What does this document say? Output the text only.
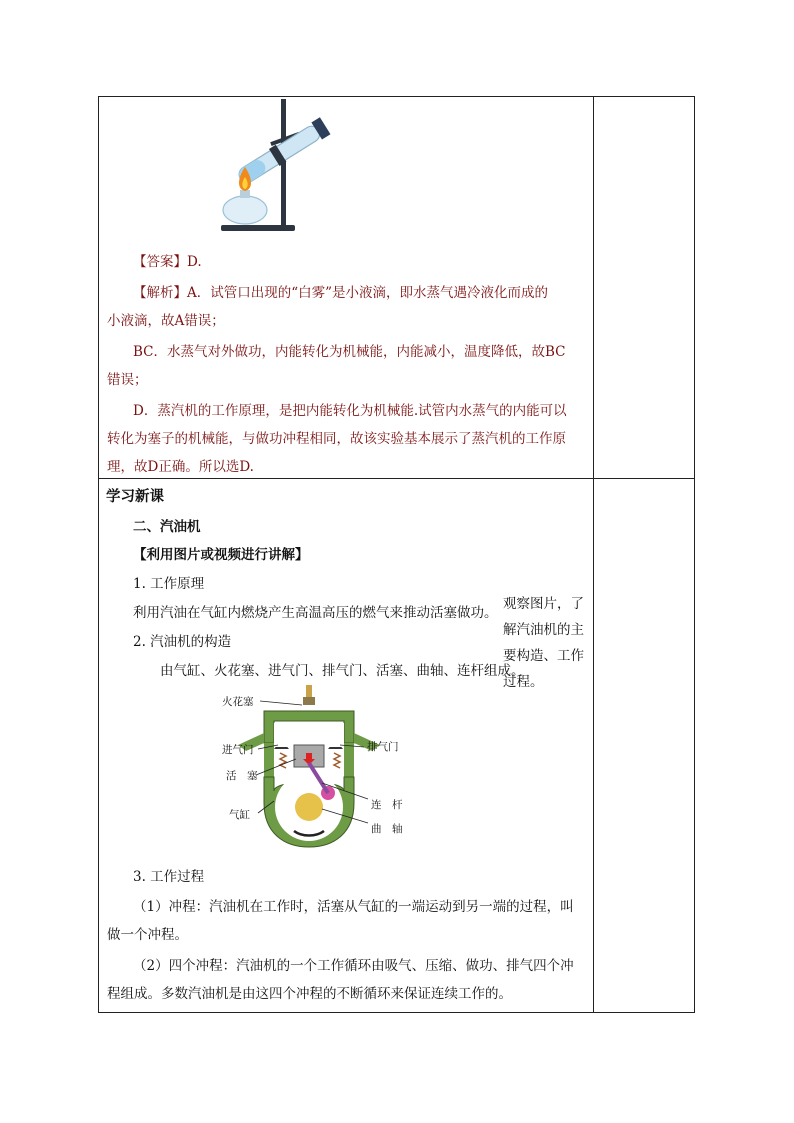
【答案】D.
【解析】A．试管口出现的“白雾”是小液滴，即水蒸气遇冷液化而成的
小液滴，故A错误；
BC．水蒸气对外做功，内能转化为机械能，内能减小，温度降低，故BC
错误；
D．蒸汽机的工作原理，是把内能转化为机械能.试管内水蒸气的内能可以
转化为塞子的机械能，与做功冲程相同，故该实验基本展示了蒸汽机的工作原
理，故D正确。所以选D.
学习新课
二、汽油机
【利用图片或视频进行讲解】
1. 工作原理
利用汽油在气缸内燃烧产生高温高压的燃气来推动活塞做功。
2. 汽油机的构造
由气缸、火花塞、进气门、排气门、活塞、曲轴、连杆组成。
观察图片，了解汽油机的主要构造、工作过程。
火花塞
进气门	排气门
活　塞
气缸
连　杆
曲　轴
3. 工作过程
（1）冲程：汽油机在工作时，活塞从气缸的一端运动到另一端的过程，叫
做一个冲程。
（2）四个冲程：汽油机的一个工作循环由吸气、压缩、做功、排气四个冲
程组成。多数汽油机是由这四个冲程的不断循环来保证连续工作的。
